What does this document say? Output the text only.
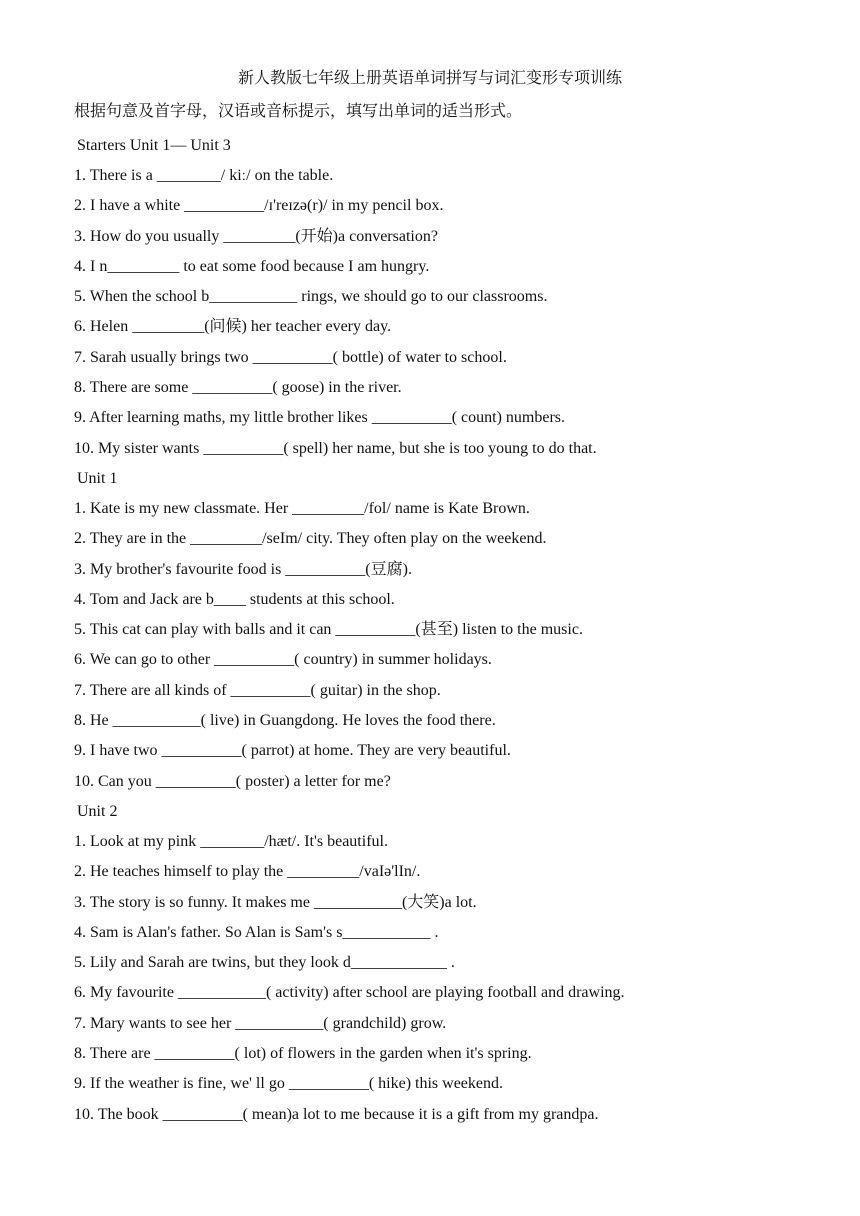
新人教版七年级上册英语单词拼写与词汇变形专项训练
根据句意及首字母，汉语或音标提示，填写出单词的适当形式。
Starters Unit 1— Unit 3
1. There is a ________/ kiː/ on the table.
2. I have a white __________/ɪ'reɪzə(r)/ in my pencil box.
3. How do you usually _________(开始)a conversation?
4. I n_________ to eat some food because I am hungry.
5. When the school b___________ rings, we should go to our classrooms.
6. Helen _________(问候) her teacher every day.
7. Sarah usually brings two __________( bottle) of water to school.
8. There are some __________( goose) in the river.
9. After learning maths, my little brother likes __________( count) numbers.
10. My sister wants __________( spell) her name, but she is too young to do that.
Unit 1
1. Kate is my new classmate. Her _________/fol/ name is Kate Brown.
2. They are in the _________/seIm/ city. They often play on the weekend.
3. My brother's favourite food is __________(豆腐).
4. Tom and Jack are b____ students at this school.
5. This cat can play with balls and it can __________(甚至) listen to the music.
6. We can go to other __________( country) in summer holidays.
7. There are all kinds of __________( guitar) in the shop.
8. He ___________( live) in Guangdong. He loves the food there.
9. I have two __________( parrot) at home. They are very beautiful.
10. Can you __________( poster) a letter for me?
Unit 2
1. Look at my pink ________/hæt/. It's beautiful.
2. He teaches himself to play the _________/vaIə'lIn/.
3. The story is so funny. It makes me ___________(大笑)a lot.
4. Sam is Alan's father. So Alan is Sam's s___________ .
5. Lily and Sarah are twins, but they look d____________ .
6. My favourite ___________( activity) after school are playing football and drawing.
7. Mary wants to see her ___________( grandchild) grow.
8. There are __________( lot) of flowers in the garden when it's spring.
9. If the weather is fine, we' ll go __________( hike) this weekend.
10. The book __________( mean)a lot to me because it is a gift from my grandpa.
